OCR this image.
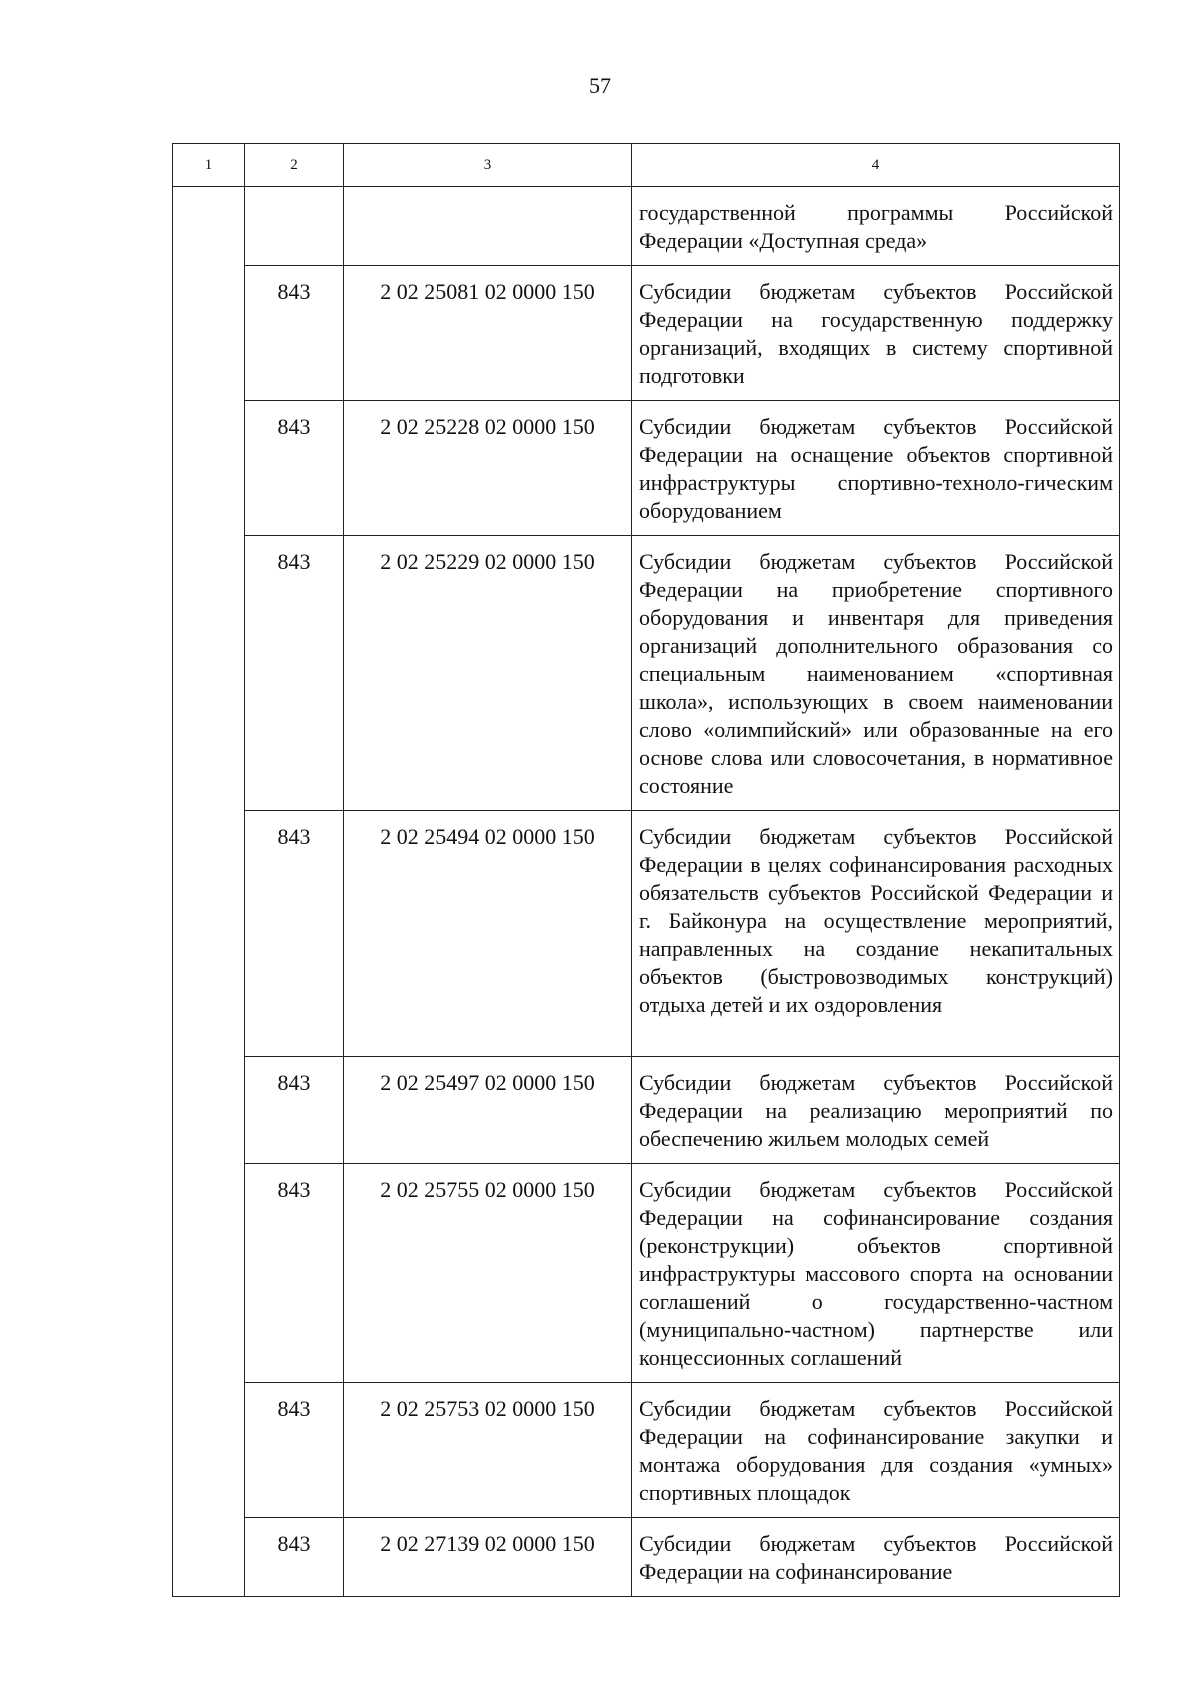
57
1	2	3	4

			государственной программы Российской Федерации «Доступная среда»

	843	2 02 25081 02 0000 150	Субсидии бюджетам субъектов Российской Федерации на государственную поддержку организаций, входящих в систему спортивной подготовки

	843	2 02 25228 02 0000 150	Субсидии бюджетам субъектов Российской Федерации на оснащение объектов спортивной инфраструктуры спортивно-техноло-гическим оборудованием

	843	2 02 25229 02 0000 150	Субсидии бюджетам субъектов Российской Федерации на приобретение спортивного оборудования и инвентаря для приведения организаций дополнительного образования со специальным наименованием «спортивная школа», использующих в своем наименовании слово «олимпийский» или образованные на его основе слова или словосочетания, в нормативное состояние

	843	2 02 25494 02 0000 150	Субсидии бюджетам субъектов Российской Федерации в целях софинансирования расходных обязательств субъектов Российской Федерации и г. Байконура на осуществление мероприятий, направленных на создание некапитальных объектов (быстровозводимых конструкций) отдыха детей и их оздоровления

	843	2 02 25497 02 0000 150	Субсидии бюджетам субъектов Российской Федерации на реализацию мероприятий по обеспечению жильем молодых семей

	843	2 02 25755 02 0000 150	Субсидии бюджетам субъектов Российской Федерации на софинансирование создания (реконструкции) объектов спортивной инфраструктуры массового спорта на основании соглашений о государственно-частном (муниципально-частном) партнерстве или концессионных соглашений

	843	2 02 25753 02 0000 150	Субсидии бюджетам субъектов Российской Федерации на софинансирование закупки и монтажа оборудования для создания «умных» спортивных площадок

	843	2 02 27139 02 0000 150	Субсидии бюджетам субъектов Российской Федерации на софинансирование
